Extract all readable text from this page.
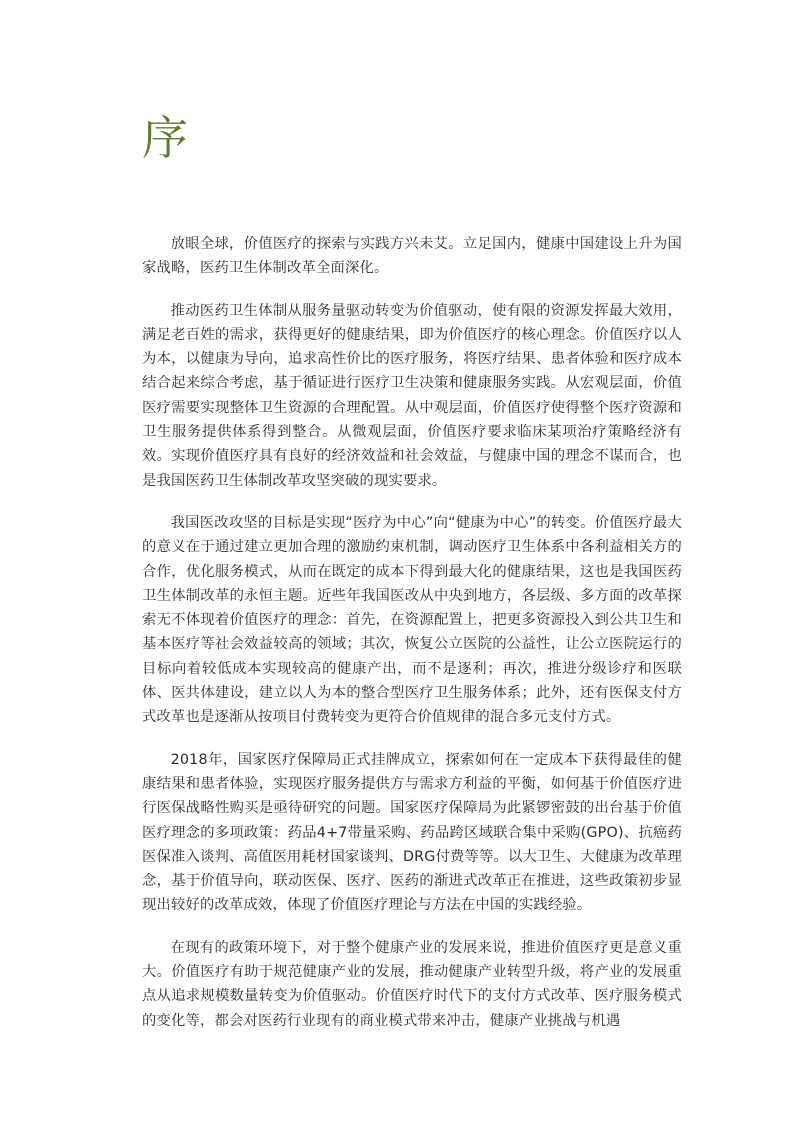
序

放眼全球，价值医疗的探索与实践方兴未艾。立足国内，健康中国建设上升为国家战略，医药卫生体制改革全面深化。

推动医药卫生体制从服务量驱动转变为价值驱动，使有限的资源发挥最大效用，满足老百姓的需求，获得更好的健康结果，即为价值医疗的核心理念。价值医疗以人为本，以健康为导向，追求高性价比的医疗服务，将医疗结果、患者体验和医疗成本结合起来综合考虑，基于循证进行医疗卫生决策和健康服务实践。从宏观层面，价值医疗需要实现整体卫生资源的合理配置。从中观层面，价值医疗使得整个医疗资源和卫生服务提供体系得到整合。从微观层面，价值医疗要求临床某项治疗策略经济有效。实现价值医疗具有良好的经济效益和社会效益，与健康中国的理念不谋而合，也是我国医药卫生体制改革攻坚突破的现实要求。

我国医改攻坚的目标是实现“医疗为中心”向“健康为中心”的转变。价值医疗最大的意义在于通过建立更加合理的激励约束机制，调动医疗卫生体系中各利益相关方的合作，优化服务模式，从而在既定的成本下得到最大化的健康结果，这也是我国医药卫生体制改革的永恒主题。近些年我国医改从中央到地方，各层级、多方面的改革探索无不体现着价值医疗的理念：首先，在资源配置上，把更多资源投入到公共卫生和基本医疗等社会效益较高的领域；其次，恢复公立医院的公益性，让公立医院运行的目标向着较低成本实现较高的健康产出，而不是逐利；再次，推进分级诊疗和医联体、医共体建设，建立以人为本的整合型医疗卫生服务体系；此外，还有医保支付方式改革也是逐渐从按项目付费转变为更符合价值规律的混合多元支付方式。

2018年，国家医疗保障局正式挂牌成立，探索如何在一定成本下获得最佳的健康结果和患者体验，实现医疗服务提供方与需求方利益的平衡，如何基于价值医疗进行医保战略性购买是亟待研究的问题。国家医疗保障局为此紧锣密鼓的出台基于价值医疗理念的多项政策：药品4+7带量采购、药品跨区域联合集中采购(GPO)、抗癌药医保准入谈判、高值医用耗材国家谈判、DRG付费等等。以大卫生、大健康为改革理念，基于价值导向，联动医保、医疗、医药的渐进式改革正在推进，这些政策初步显现出较好的改革成效，体现了价值医疗理论与方法在中国的实践经验。

在现有的政策环境下，对于整个健康产业的发展来说，推进价值医疗更是意义重大。价值医疗有助于规范健康产业的发展，推动健康产业转型升级，将产业的发展重点从追求规模数量转变为价值驱动。价值医疗时代下的支付方式改革、医疗服务模式的变化等，都会对医药行业现有的商业模式带来冲击，健康产业挑战与机遇
